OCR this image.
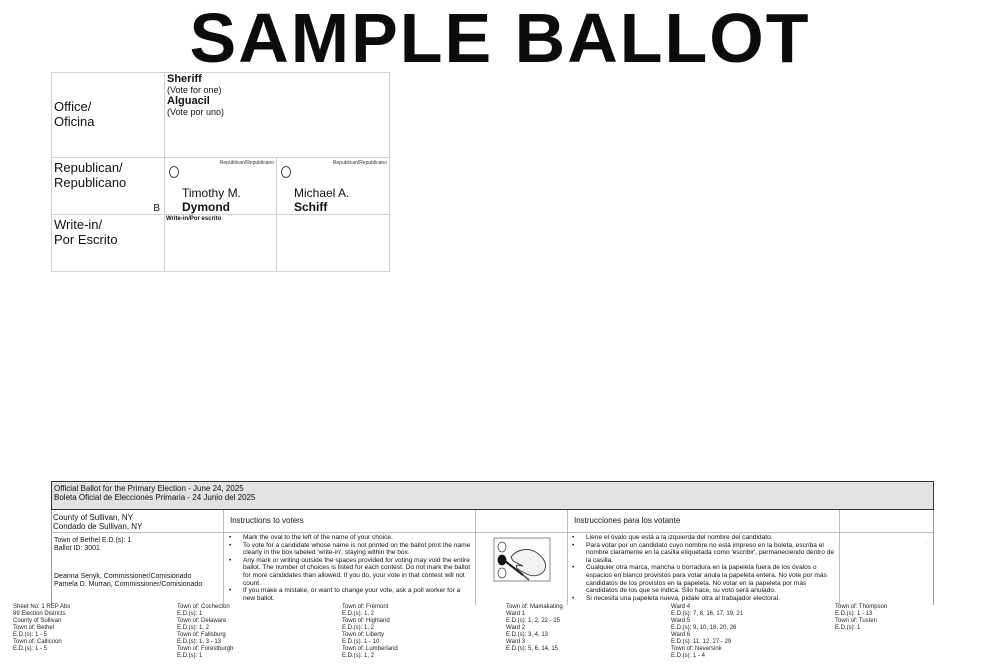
SAMPLE BALLOT
Office/
Oficina
Sheriff
(Vote for one)
Alguacil
(Vote por uno)
Republican/
Republicano
B
Republican/Republicano
Timothy M.
Dymond
Republican/Republicano
Michael A.
Schiff
Write-in/
Por Escrito
Write-in/Por escrito
Official Ballot for the Primary Election - June 24, 2025
Boleta Oficial de Elecciones Primaria - 24 Junio del 2025
County of Sullivan, NY
Condado de Sullivan, NY
Instructions to voters	Instrucciones para los votante
Town of Bethel E.D.(s): 1
Ballot ID: 3001
Deanna Senyk, Commissioner/Comisionado
Pamela D. Murran, Commissioner/Comisionado
• Mark the oval to the left of the name of your choice.
• To vote for a candidate whose name is not printed on the ballot print the name clearly in the box labeled 'write-in', staying within the box.
• Any mark or writing outside the spaces provided for voting may void the entire ballot. The number of choices is listed for each contest. Do not mark the ballot for more candidates than allowed. If you do, your vote in that contest will not count.
• If you make a mistake, or want to change your vote, ask a poll worker for a new ballot.
• Llene el óvalo que está a la izquierda del nombre del candidato.
• Para votar por un candidato cuyo nombre no está impreso en la boleta, escriba el nombre claramente en la casilla etiquetada como 'escribir', permaneciendo dentro de la casilla.
• Cualquier otra marca, mancha o borradura en la papeleta fuera de los óvalos o espacios en blanco provistos para votar anula la papeleta entera. No vote por más candidatos de los provistos en la papeleta. No votar en la papeleta por más candidatos de los que se indica. Sílo hace, su voto será anulado.
• Si necesita una papeleta nueva, pídale otra al trabajador electoral.
.
Sheet No: 1 REP Abs
89 Election Districts
County of Sullivan
Town of: Bethel
E.D.(s): 1 - 5
Town of: Callicoon
E.D.(s): 1 - 5
Town of: Cochecton
E.D.(s): 1
Town of: Delaware
E.D.(s): 1, 2
Town of: Fallsburg
E.D.(s): 1, 3 - 13
Town of: Forestburgh
E.D.(s): 1
Town of: Fremont
E.D.(s): 1, 2
Town of: Highland
E.D.(s): 1, 2
Town of: Liberty
E.D.(s): 1 - 10
Town of: Lumberland
E.D.(s): 1, 2
Town of: Mamakating
Ward 1
E.D.(s): 1, 2, 22 - 25
Ward 2
E.D.(s): 3, 4, 13
Ward 3
E.D.(s): 5, 6, 14, 15
Ward 4
E.D.(s): 7, 8, 16, 17, 19, 21
Ward 5
E.D.(s): 9, 10, 18, 20, 26
Ward 6
E.D.(s): 11, 12, 27 - 29
Town of: Neversink
E.D.(s): 1 - 4
Town of: Thompson
E.D.(s): 1 - 13
Town of: Tusten
E.D.(s): 1
